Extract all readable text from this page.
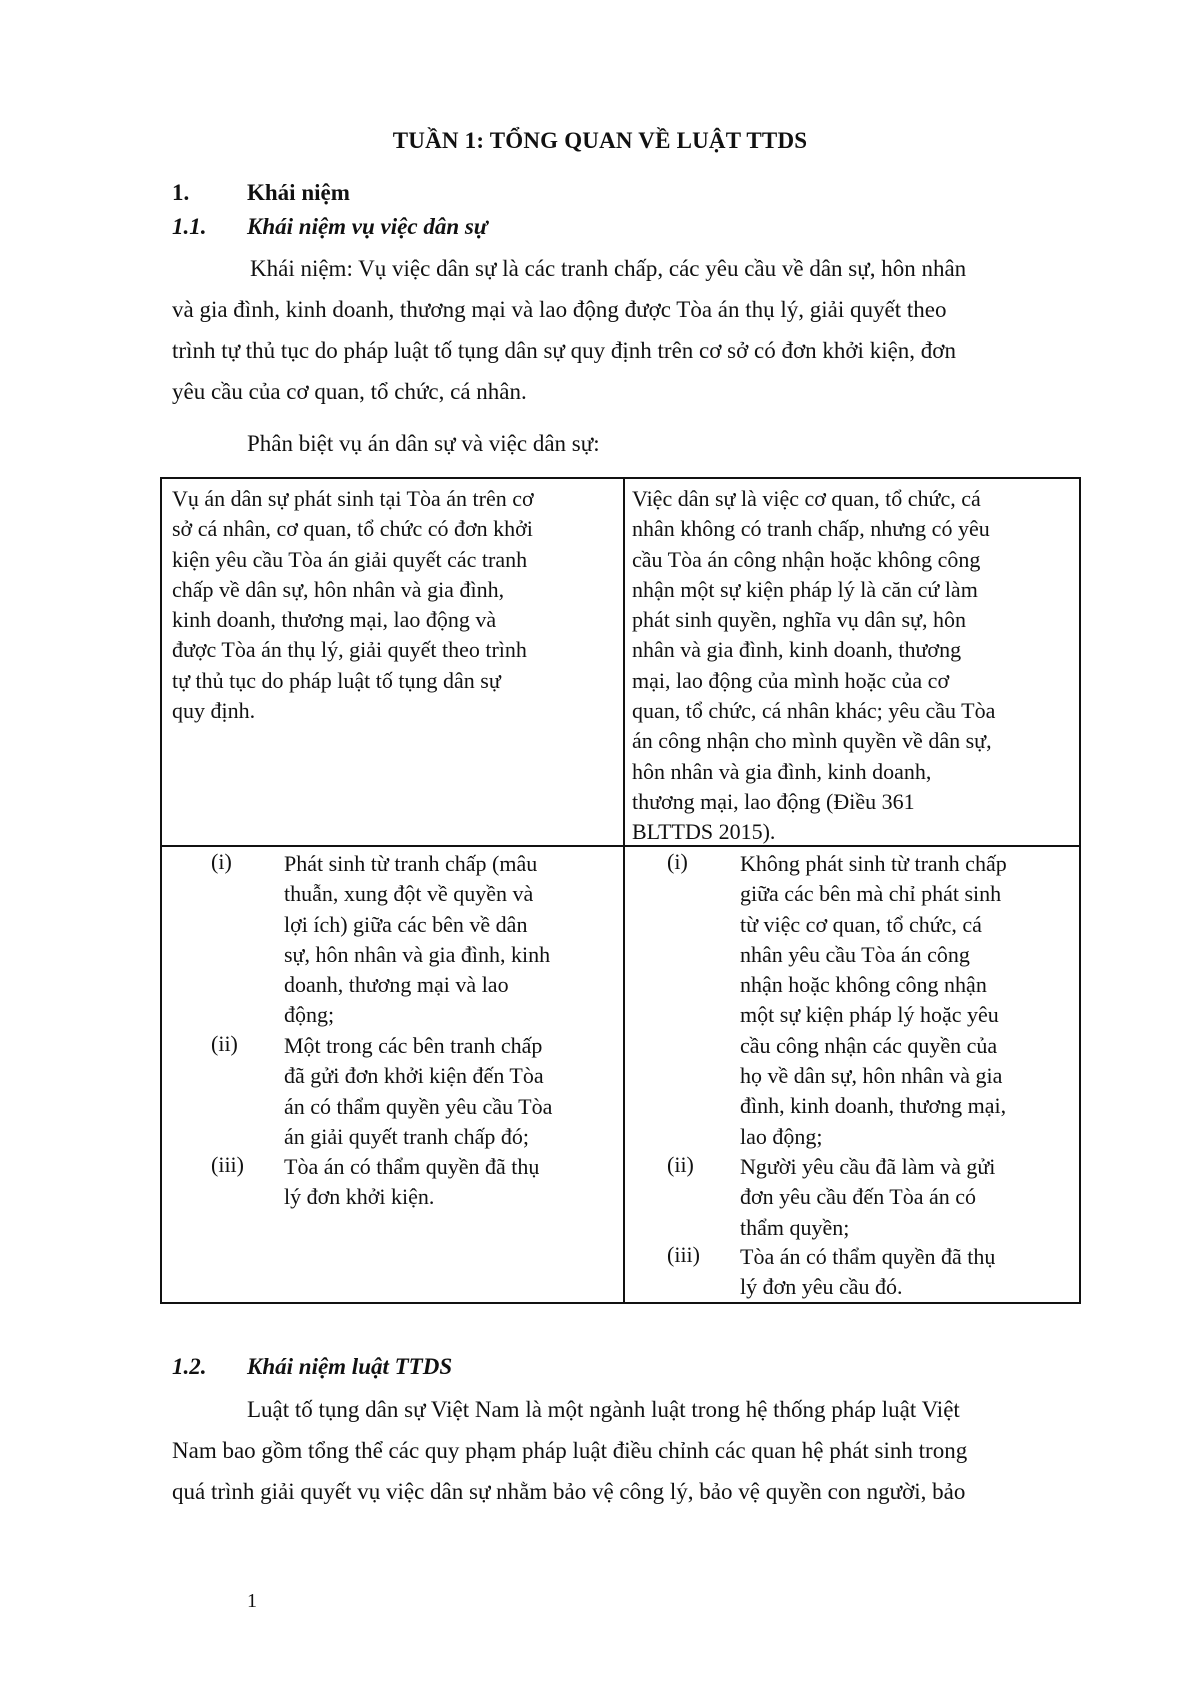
TUẦN 1: TỔNG QUAN VỀ LUẬT TTDS
1.	Khái niệm
1.1. Khái niệm vụ việc dân sự
Khái niệm: Vụ việc dân sự là các tranh chấp, các yêu cầu về dân sự, hôn nhân
và gia đình, kinh doanh, thương mại và lao động được Tòa án thụ lý, giải quyết theo
trình tự thủ tục do pháp luật tố tụng dân sự quy định trên cơ sở có đơn khởi kiện, đơn
yêu cầu của cơ quan, tổ chức, cá nhân.
Phân biệt vụ án dân sự và việc dân sự:
Vụ án dân sự phát sinh tại Tòa án trên cơ
sở cá nhân, cơ quan, tổ chức có đơn khởi
kiện yêu cầu Tòa án giải quyết các tranh
chấp về dân sự, hôn nhân và gia đình,
kinh doanh, thương mại, lao động và
được Tòa án thụ lý, giải quyết theo trình
tự thủ tục do pháp luật tố tụng dân sự
quy định.
Việc dân sự là việc cơ quan, tổ chức, cá
nhân không có tranh chấp, nhưng có yêu
cầu Tòa án công nhận hoặc không công
nhận một sự kiện pháp lý là căn cứ làm
phát sinh quyền, nghĩa vụ dân sự, hôn
nhân và gia đình, kinh doanh, thương
mại, lao động của mình hoặc của cơ
quan, tổ chức, cá nhân khác; yêu cầu Tòa
án công nhận cho mình quyền về dân sự,
hôn nhân và gia đình, kinh doanh,
thương mại, lao động (Điều 361
BLTTDS 2015).
(i) Phát sinh từ tranh chấp (mâu
thuẫn, xung đột về quyền và
lợi ích) giữa các bên về dân
sự, hôn nhân và gia đình, kinh
doanh, thương mại và lao
động;
(ii) Một trong các bên tranh chấp
đã gửi đơn khởi kiện đến Tòa
án có thẩm quyền yêu cầu Tòa
án giải quyết tranh chấp đó;
(iii) Tòa án có thẩm quyền đã thụ
lý đơn khởi kiện.
(i) Không phát sinh từ tranh chấp
giữa các bên mà chỉ phát sinh
từ việc cơ quan, tổ chức, cá
nhân yêu cầu Tòa án công
nhận hoặc không công nhận
một sự kiện pháp lý hoặc yêu
cầu công nhận các quyền của
họ về dân sự, hôn nhân và gia
đình, kinh doanh, thương mại,
lao động;
(ii) Người yêu cầu đã làm và gửi
đơn yêu cầu đến Tòa án có
thẩm quyền;
(iii) Tòa án có thẩm quyền đã thụ
lý đơn yêu cầu đó.
1.2. Khái niệm luật TTDS
Luật tố tụng dân sự Việt Nam là một ngành luật trong hệ thống pháp luật Việt
Nam bao gồm tổng thể các quy phạm pháp luật điều chỉnh các quan hệ phát sinh trong
quá trình giải quyết vụ việc dân sự nhằm bảo vệ công lý, bảo vệ quyền con người, bảo
1
